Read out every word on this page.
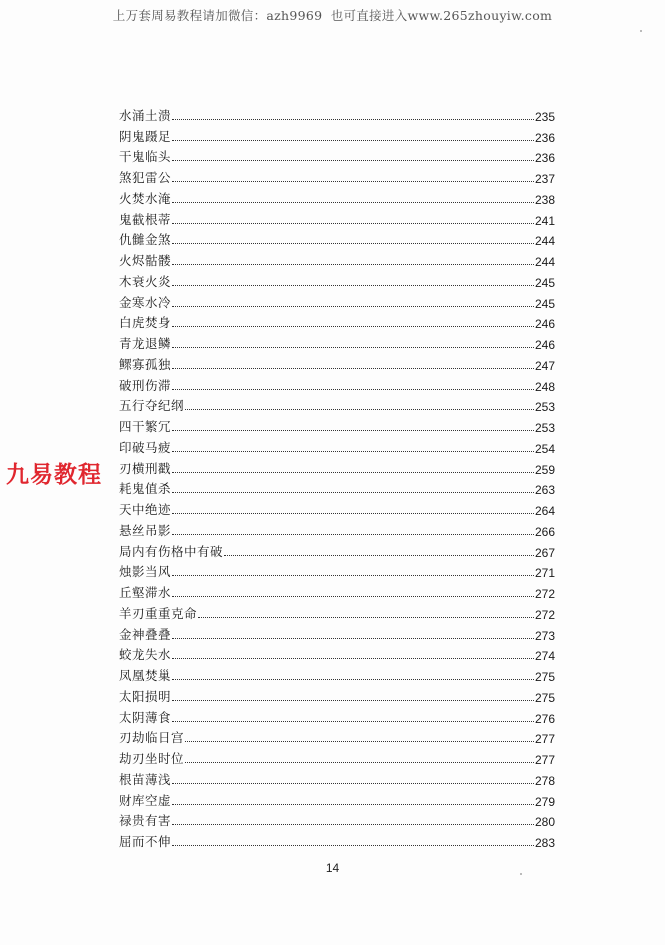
上万套周易教程请加微信：azh9969 也可直接进入www.265zhouyiw.com
水涌土溃	235
阴鬼蹑足	236
干鬼临头	236
煞犯雷公	237
火焚水淹	238
鬼截根蒂	241
仇雠金煞	244
火烬骷髅	244
木衰火炎	245
金寒水冷	245
白虎焚身	246
青龙退鳞	246
鳏寡孤独	247
破刑伤滞	248
五行夺纪纲	253
四干繁冗	253
印破马疲	254
刃横刑戳	259
耗鬼值杀	263
天中绝迹	264
悬丝吊影	266
局内有伤格中有破	267
烛影当风	271
丘壑滞水	272
羊刃重重克命	272
金神叠叠	273
蛟龙失水	274
凤凰焚巢	275
太阳损明	275
太阴薄食	276
刃劫临日宫	277
劫刃坐时位	277
根苗薄浅	278
财库空虚	279
禄贵有害	280
屈而不伸	283
九易教程
14
